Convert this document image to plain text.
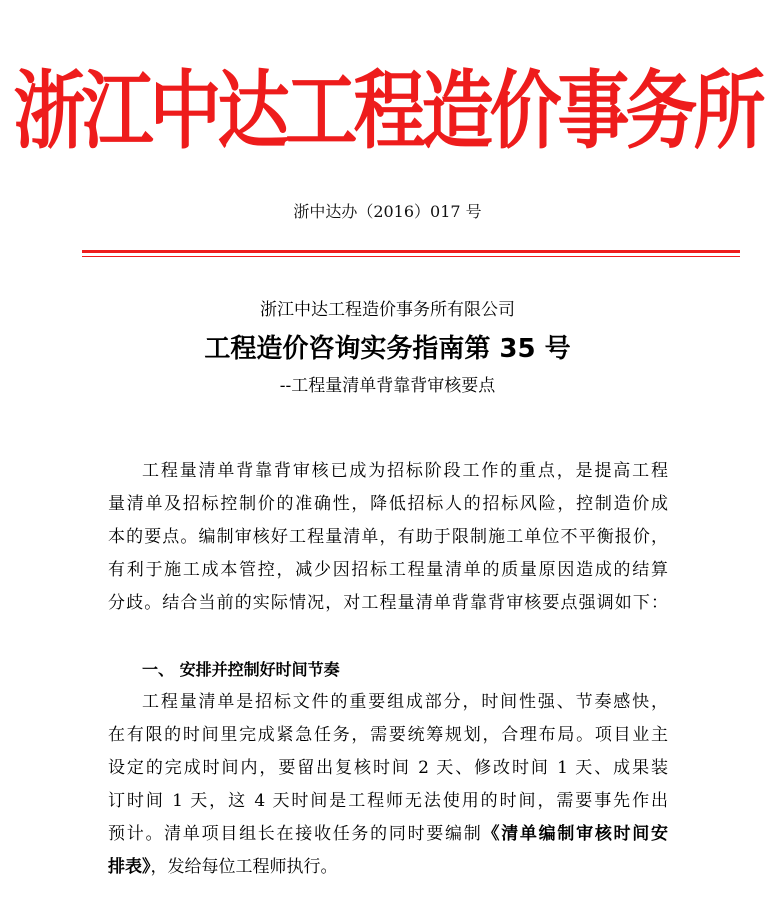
浙江中达工程造价事务所
浙中达办（2016）017 号
浙江中达工程造价事务所有限公司
工程造价咨询实务指南第 35 号
--工程量清单背靠背审核要点
工程量清单背靠背审核已成为招标阶段工作的重点，是提高工程
量清单及招标控制价的准确性，降低招标人的招标风险，控制造价成
本的要点。编制审核好工程量清单，有助于限制施工单位不平衡报价，
有利于施工成本管控，减少因招标工程量清单的质量原因造成的结算
分歧。结合当前的实际情况，对工程量清单背靠背审核要点强调如下：
一、 安排并控制好时间节奏
工程量清单是招标文件的重要组成部分，时间性强、节奏感快，
在有限的时间里完成紧急任务，需要统筹规划，合理布局。项目业主
设定的完成时间内，要留出复核时间 2 天、修改时间 1 天、成果装
订时间 1 天，这 4 天时间是工程师无法使用的时间，需要事先作出
预计。清单项目组长在接收任务的同时要编制《清单编制审核时间安
排表》，发给每位工程师执行。
